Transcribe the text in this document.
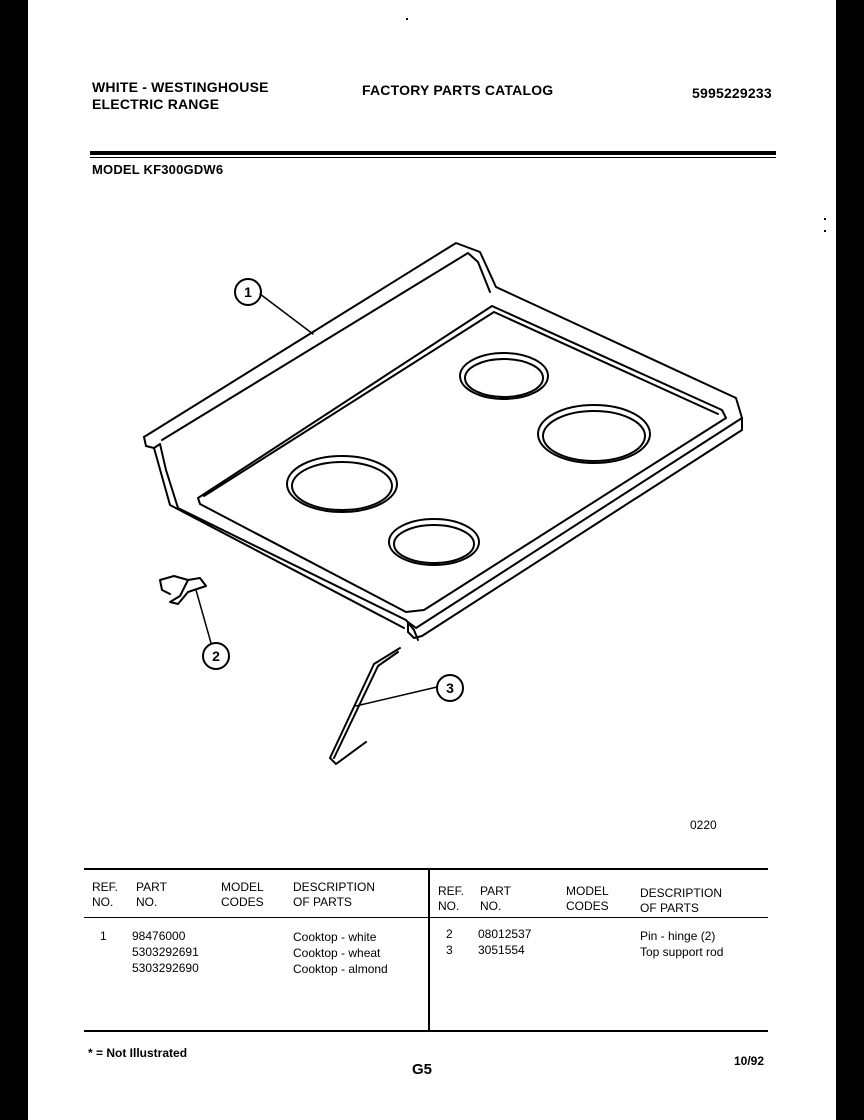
WHITE - WESTINGHOUSE
ELECTRIC RANGE
FACTORY PARTS CATALOG	5995229233
MODEL KF300GDW6
1
2
3
0220
REF.
NO.
PART
NO.
MODEL
CODES
DESCRIPTION
OF PARTS
REF.
NO.
PART
NO.
MODEL
CODES
DESCRIPTION
OF PARTS
1 98476000
5303292691
5303292690
Cooktop - white
Cooktop - wheat
Cooktop - almond
2
3
08012537
3051554
Pin - hinge (2)
Top support rod
* = Not Illustrated
G5	10/92
